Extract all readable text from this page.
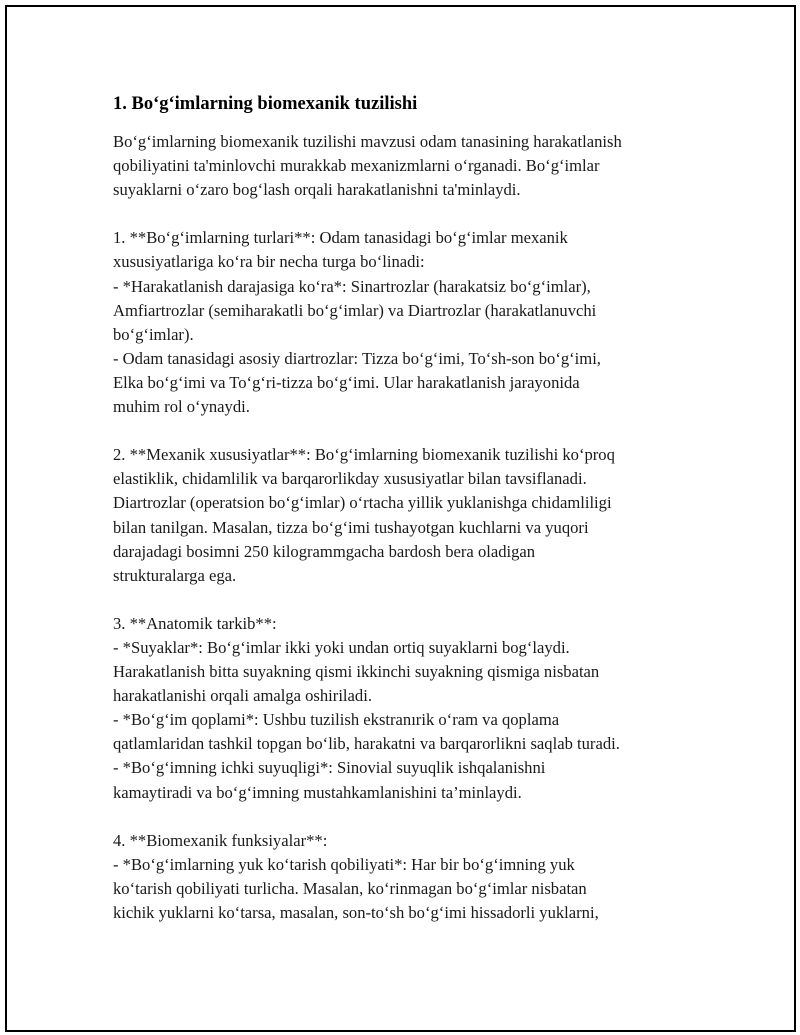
1. Bo‘g‘imlarning biomexanik tuzilishi

Bo‘g‘imlarning biomexanik tuzilishi mavzusi odam tanasining harakatlanish
qobiliyatini ta'minlovchi murakkab mexanizmlarni o‘rganadi. Bo‘g‘imlar
suyaklarni o‘zaro bog‘lash orqali harakatlanishni ta'minlaydi.

1. **Bo‘g‘imlarning turlari**: Odam tanasidagi bo‘g‘imlar mexanik
xususiyatlariga ko‘ra bir necha turga bo‘linadi:
- *Harakatlanish darajasiga ko‘ra*: Sinartrozlar (harakatsiz bo‘g‘imlar),
Amfiartrozlar (semiharakatli bo‘g‘imlar) va Diartrozlar (harakatlanuvchi
bo‘g‘imlar).
- Odam tanasidagi asosiy diartrozlar: Tizza bo‘g‘imi, To‘sh-son bo‘g‘imi,
Elka bo‘g‘imi va To‘g‘ri-tizza bo‘g‘imi. Ular harakatlanish jarayonida
muhim rol o‘ynaydi.

2. **Mexanik xususiyatlar**: Bo‘g‘imlarning biomexanik tuzilishi ko‘proq
elastiklik, chidamlilik va barqarorlikday xususiyatlar bilan tavsiflanadi.
Diartrozlar (operatsion bo‘g‘imlar) o‘rtacha yillik yuklanishga chidamliligi
bilan tanilgan. Masalan, tizza bo‘g‘imi tushayotgan kuchlarni va yuqori
darajadagi bosimni 250 kilogrammgacha bardosh bera oladigan
strukturalarga ega.

3. **Anatomik tarkib**:
- *Suyaklar*: Bo‘g‘imlar ikki yoki undan ortiq suyaklarni bog‘laydi.
Harakatlanish bitta suyakning qismi ikkinchi suyakning qismiga nisbatan
harakatlanishi orqali amalga oshiriladi.
- *Bo‘g‘im qoplami*: Ushbu tuzilish ekstranırik o‘ram va qoplama
qatlamlaridan tashkil topgan bo‘lib, harakatni va barqarorlikni saqlab turadi.
- *Bo‘g‘imning ichki suyuqligi*: Sinovial suyuqlik ishqalanishni
kamaytiradi va bo‘g‘imning mustahkamlanishini ta’minlaydi.

4. **Biomexanik funksiyalar**:
- *Bo‘g‘imlarning yuk ko‘tarish qobiliyati*: Har bir bo‘g‘imning yuk
ko‘tarish qobiliyati turlicha. Masalan, ko‘rinmagan bo‘g‘imlar nisbatan
kichik yuklarni ko‘tarsa, masalan, son-to‘sh bo‘g‘imi hissadorli yuklarni,
